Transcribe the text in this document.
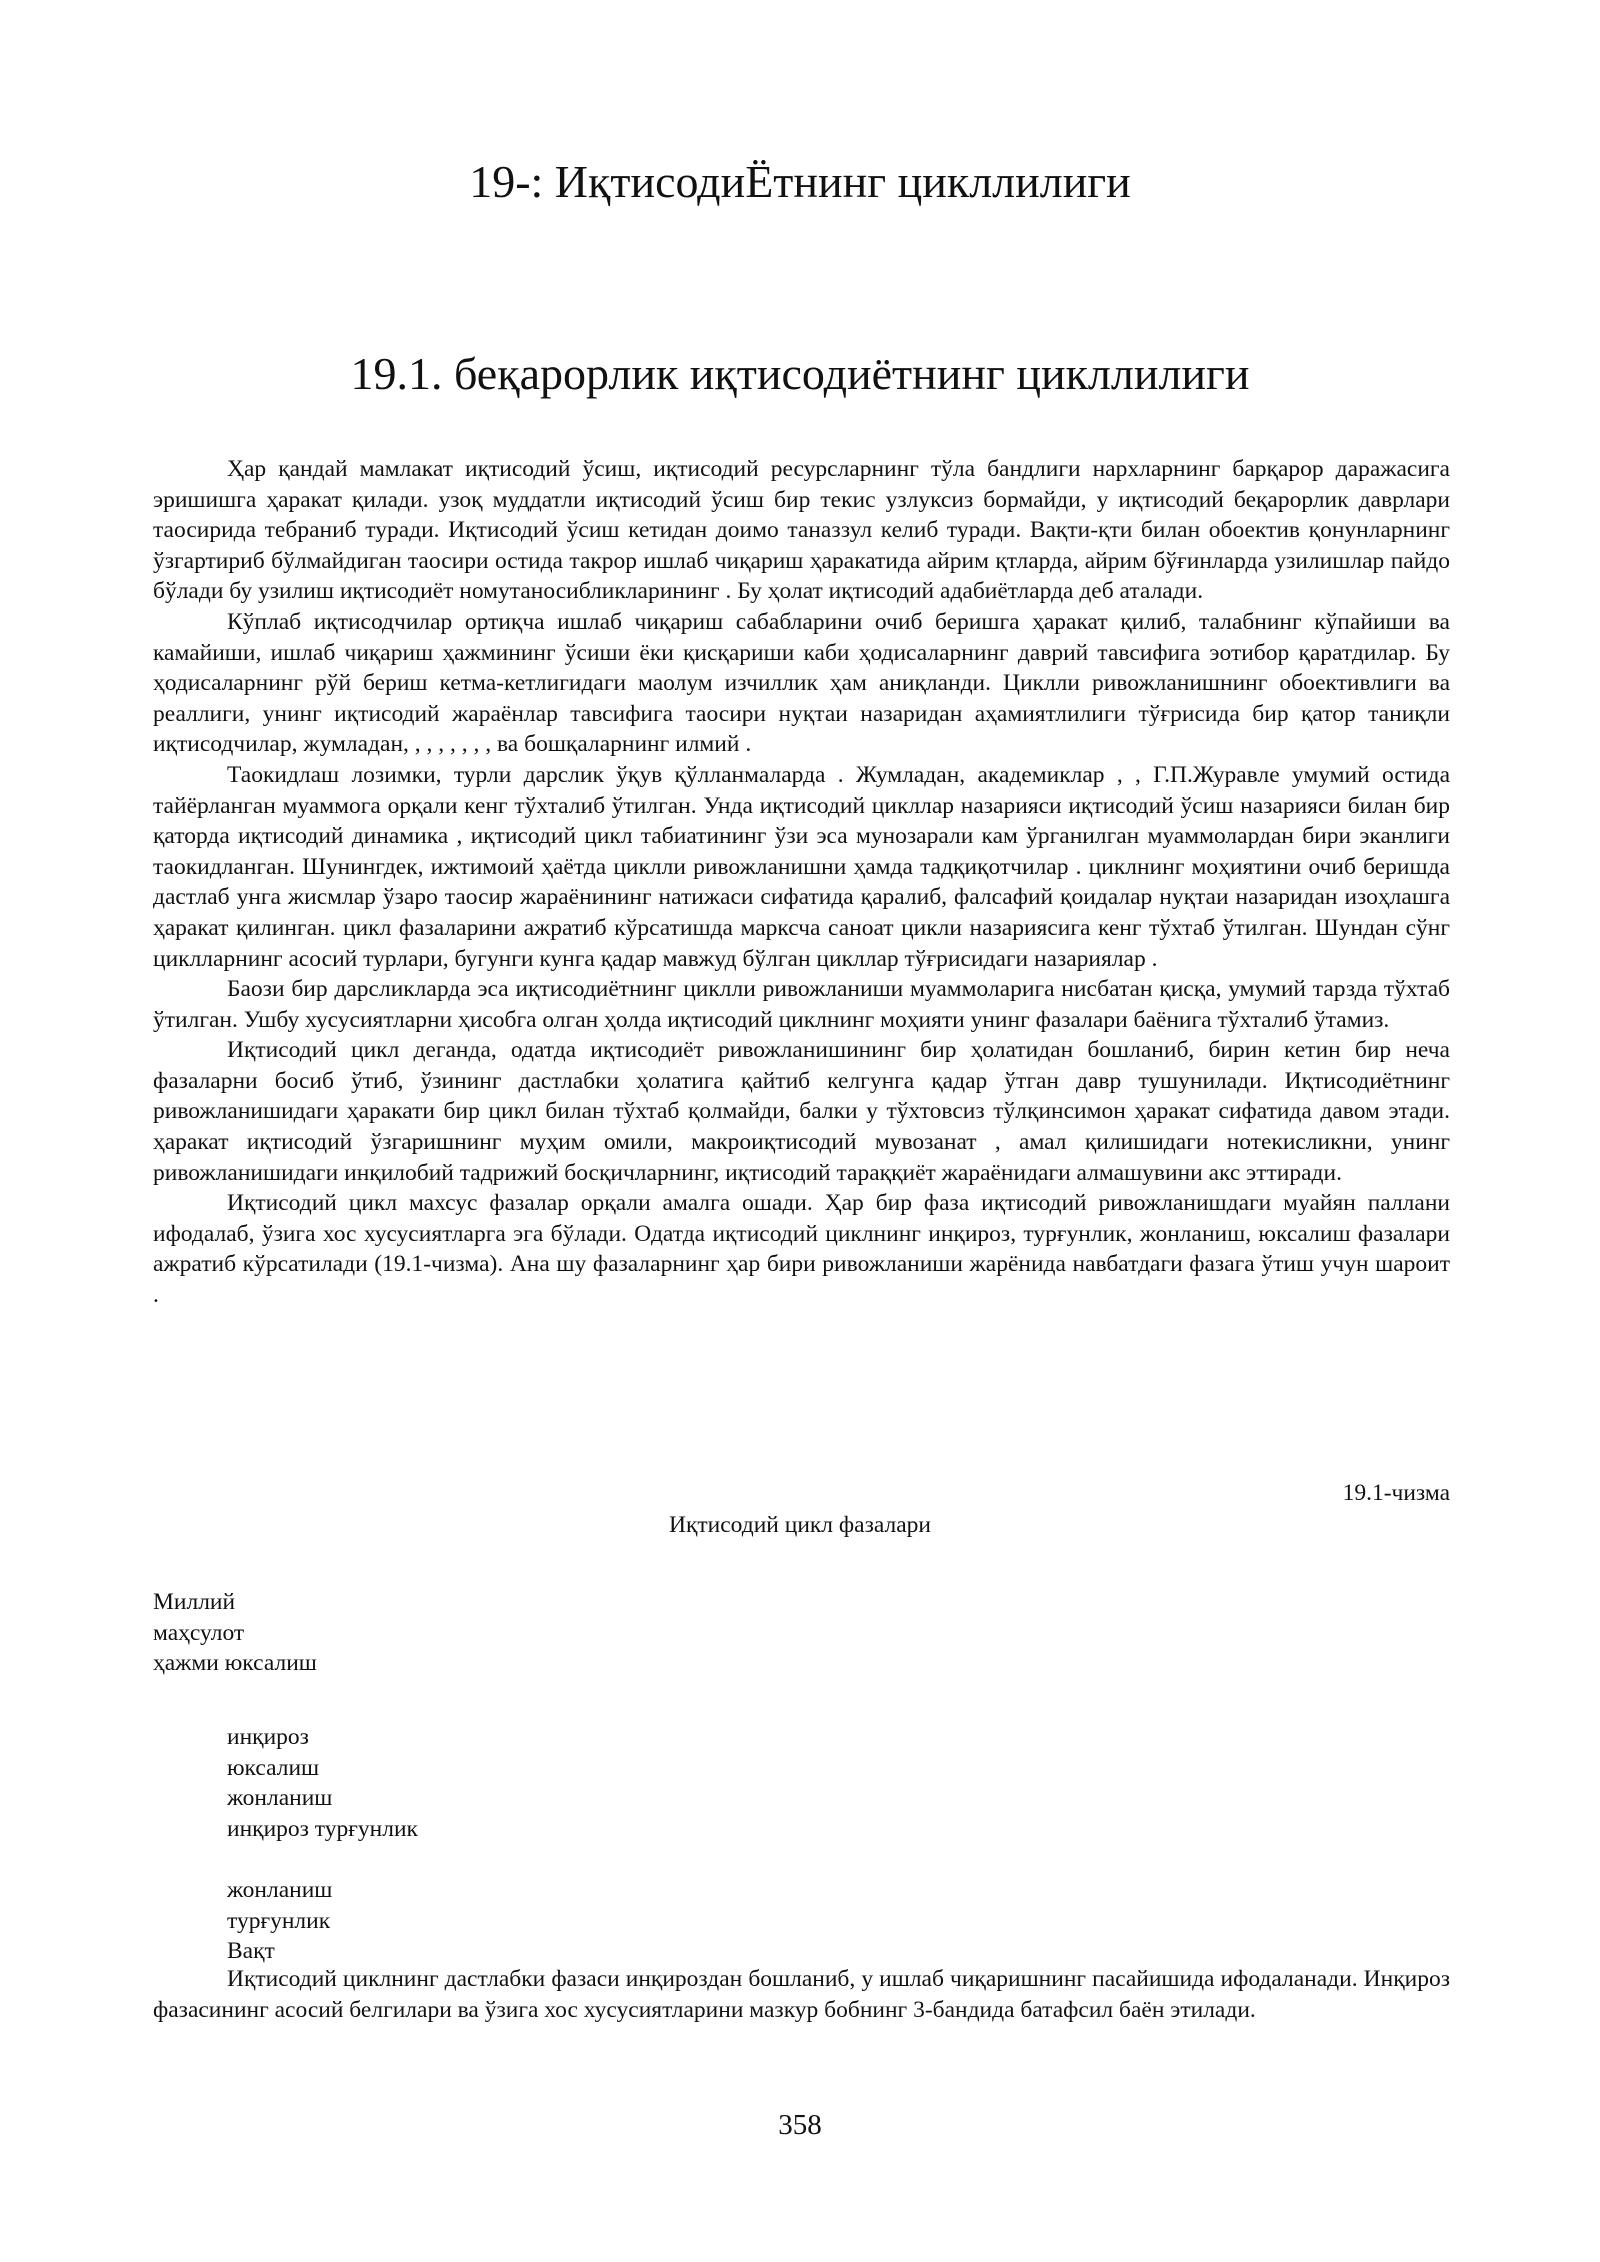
19-: ИқтисодиЁтнинг цикллилиги
19.1. беқарорлик иқтисодиётнинг цикллилиги

Ҳар қандай мамлакат иқтисодий ўсиш, иқтисодий ресурсларнинг тўла бандлиги нархларнинг барқарор даражасига эришишга ҳаракат қилади. узоқ муддатли иқтисодий ўсиш бир текис узлуксиз бормайди, у иқтисодий беқарорлик даврлари таосирида тебраниб туради. Иқтисодий ўсиш кетидан доимо таназзул келиб туради. Вақти-қти билан обоектив қонунларнинг ўзгартириб бўлмайдиган таосири остида такрор ишлаб чиқариш ҳаракатида айрим қтларда, айрим бўғинларда узилишлар пайдо бўлади бу узилиш иқтисодиёт номутаносибликларининг . Бу ҳолат иқтисодий адабиётларда деб аталади.

Кўплаб иқтисодчилар ортиқча ишлаб чиқариш сабабларини очиб беришга ҳаракат қилиб, талабнинг кўпайиши ва камайиши, ишлаб чиқариш ҳажмининг ўсиши ёки қисқариши каби ҳодисаларнинг даврий тавсифига эотибор қаратдилар. Бу ҳодисаларнинг рўй бериш кетма-кетлигидаги маолум изчиллик ҳам аниқланди. Циклли ривожланишнинг обоективлиги ва реаллиги, унинг иқтисодий жараёнлар тавсифига таосири нуқтаи назаридан аҳамиятлилиги тўғрисида бир қатор таниқли иқтисодчилар, жумладан, , , , , , , , ва бошқаларнинг илмий .

Таокидлаш лозимки, турли дарслик ўқув қўлланмаларда . Жумладан, академиклар , , Г.П.Журавле умумий остида тайёрланган муаммога орқали кенг тўхталиб ўтилган. Унда иқтисодий цикллар назарияси иқтисодий ўсиш назарияси билан бир қаторда иқтисодий динамика , иқтисодий цикл табиатининг ўзи эса мунозарали кам ўрганилган муаммолардан бири эканлиги таокидланган. Шунингдек, ижтимоий ҳаётда циклли ривожланишни ҳамда тадқиқотчилар . циклнинг моҳиятини очиб беришда дастлаб унга жисмлар ўзаро таосир жараёнининг натижаси сифатида қаралиб, фалсафий қоидалар нуқтаи назаридан изоҳлашга ҳаракат қилинган. цикл фазаларини ажратиб кўрсатишда марксча саноат цикли назариясига кенг тўхтаб ўтилган. Шундан сўнг циклларнинг асосий турлари, бугунги кунга қадар мавжуд бўлган цикллар тўғрисидаги назариялар .

Баози бир дарсликларда эса иқтисодиётнинг циклли ривожланиши муаммоларига нисбатан қисқа, умумий тарзда тўхтаб ўтилган. Ушбу хусусиятларни ҳисобга олган ҳолда иқтисодий циклнинг моҳияти унинг фазалари баёнига тўхталиб ўтамиз.

Иқтисодий цикл деганда, одатда иқтисодиёт ривожланишининг бир ҳолатидан бошланиб, бирин кетин бир неча фазаларни босиб ўтиб, ўзининг дастлабки ҳолатига қайтиб келгунга қадар ўтган давр тушунилади. Иқтисодиётнинг ривожланишидаги ҳаракати бир цикл билан тўхтаб қолмайди, балки у тўхтовсиз тўлқинсимон ҳаракат сифатида давом этади. ҳаракат иқтисодий ўзгаришнинг муҳим омили, макроиқтисодий мувозанат , амал қилишидаги нотекисликни, унинг ривожланишидаги инқилобий тадрижий босқичларнинг, иқтисодий тараққиёт жараёнидаги алмашувини акс эттиради.

Иқтисодий цикл махсус фазалар орқали амалга ошади. Ҳар бир фаза иқтисодий ривожланишдаги муайян паллани ифодалаб, ўзига хос хусусиятларга эга бўлади. Одатда иқтисодий циклнинг инқироз, турғунлик, жонланиш, юксалиш фазалари ажратиб кўрсатилади (19.1-чизма). Ана шу фазаларнинг ҳар бири ривожланиши жарёнида навбатдаги фазага ўтиш учун шароит .

19.1-чизма
Иқтисодий цикл фазалари
Миллий
маҳсулот
ҳажми юксалиш
инқироз
юксалиш
жонланиш
инқироз турғунлик
жонланиш
турғунлик
Вақт

Иқтисодий циклнинг дастлабки фазаси инқироздан бошланиб, у ишлаб чиқаришнинг пасайишида ифодаланади. Инқироз фазасининг асосий белгилари ва ўзига хос хусусиятларини мазкур бобнинг 3-бандида батафсил баён этилади.

358
